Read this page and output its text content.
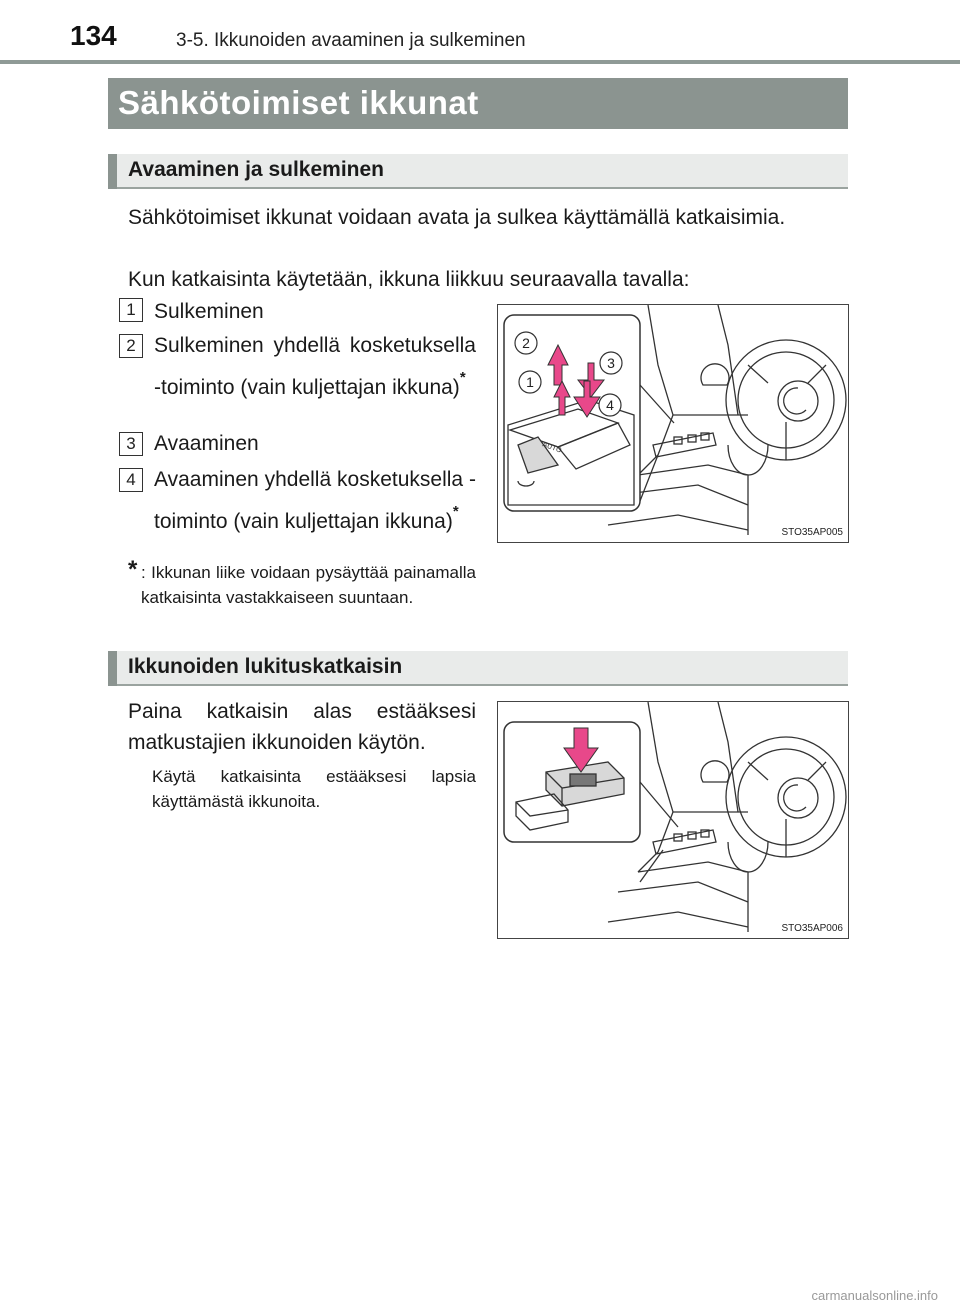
134	3-5. Ikkunoiden avaaminen ja sulkeminen
Sähkötoimiset ikkunat
Avaaminen ja sulkeminen
Sähkötoimiset ikkunat voidaan avata ja sulkea käyttämällä katkaisimia.
Kun katkaisinta käytetään, ikkuna liikkuu seuraavalla tavalla:
1 Sulkeminen
2 Sulkeminen yhdellä kosketuksella -toiminto (vain kuljettajan ikkuna)*
3 Avaaminen
4 Avaaminen yhdellä kosketuksella -toiminto (vain kuljettajan ikkuna)*
* : Ikkunan liike voidaan pysäyttää painamalla katkaisinta vastakkaiseen suuntaan.
AUTO
2
3
1
4
STO35AP005
Ikkunoiden lukituskatkaisin
Paina katkaisin alas estääksesi matkustajien ikkunoiden käytön.
Käytä katkaisinta estääksesi lapsia käyttämästä ikkunoita.
STO35AP006
carmanualsonline.info
